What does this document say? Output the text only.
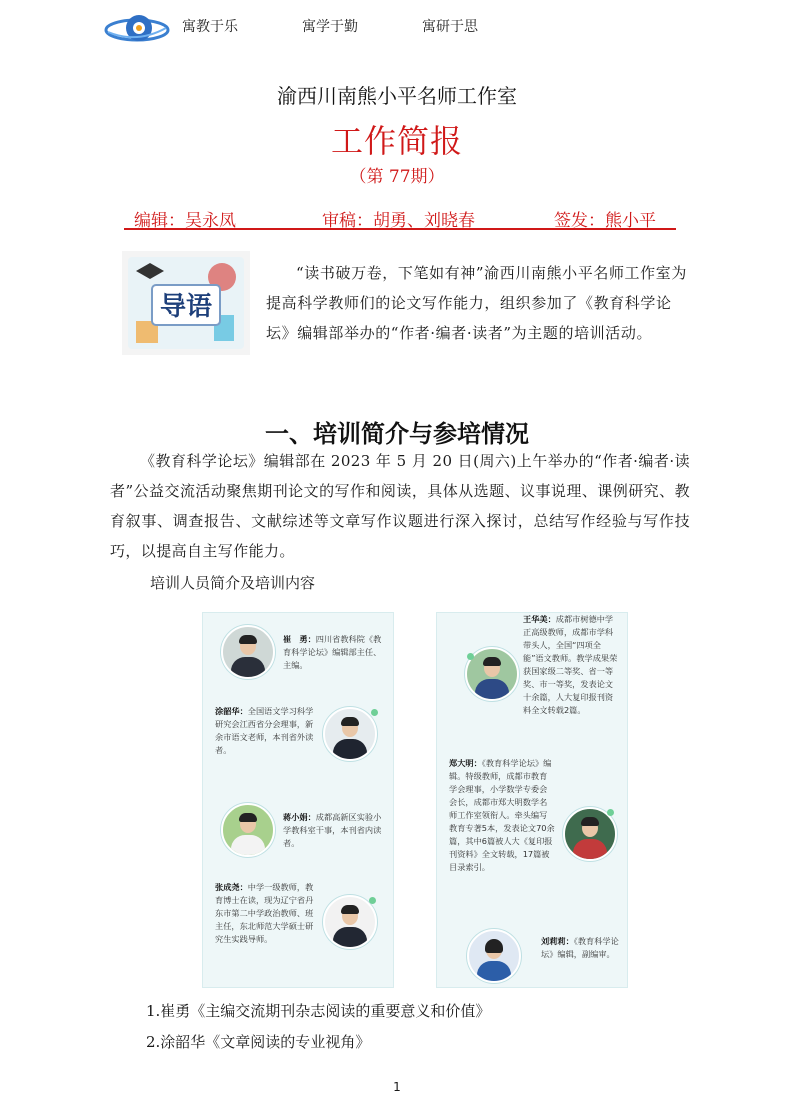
寓教于乐	寓学于勤	寓研于思
渝西川南熊小平名师工作室
工作简报
（第 77期）
编辑：吴永凤	审稿：胡勇、刘晓春	签发：熊小平
导语

“读书破万卷，下笔如有神”渝西川南熊小平名师工作室为提高科学教师们的论文写作能力，组织参加了《教育科学论坛》编辑部举办的“作者·编者·读者”为主题的培训活动。

一、培训简介与参培情况

《教育科学论坛》编辑部在 2023 年 5 月 20 日(周六)上午举办的“作者·编者·读者”公益交流活动聚焦期刊论文的写作和阅读，具体从选题、议事说理、课例研究、教育叙事、调查报告、文献综述等文章写作议题进行深入探讨，总结写作经验与写作技巧，以提高自主写作能力。

培训人员简介及培训内容
崔　勇：四川省教科院《教育科学论坛》编辑部主任、主编。
涂韶华：全国语文学习科学研究会江西省分会理事，新余市语文老师，本刊省外读者。
蒋小娟：成都高新区实验小学教科室干事，本刊省内读者。
张成尧：中学一级教师，教育博士在读，现为辽宁省丹东市第二中学政治教师、班主任，东北师范大学硕士研究生实践导师。
王华美：成都市树德中学正高级教师，成都市学科带头人，全国“四项全能”语文教师。教学成果荣获国家级二等奖、省一等奖、市一等奖，发表论文十余篇，人大复印报刊资料全文转载2篇。
郑大明：《教育科学论坛》编辑。特级教师，成都市教育学会理事，小学数学专委会会长，成都市郑大明数学名师工作室领衔人。牵头编写教育专著5本，发表论文70余篇，其中6篇被人大《复印报刊资料》全文转载，17篇被目录索引。
刘莉莉：《教育科学论坛》编辑，副编审。
1.崔勇《主编交流期刊杂志阅读的重要意义和价值》
2.涂韶华《文章阅读的专业视角》
1
